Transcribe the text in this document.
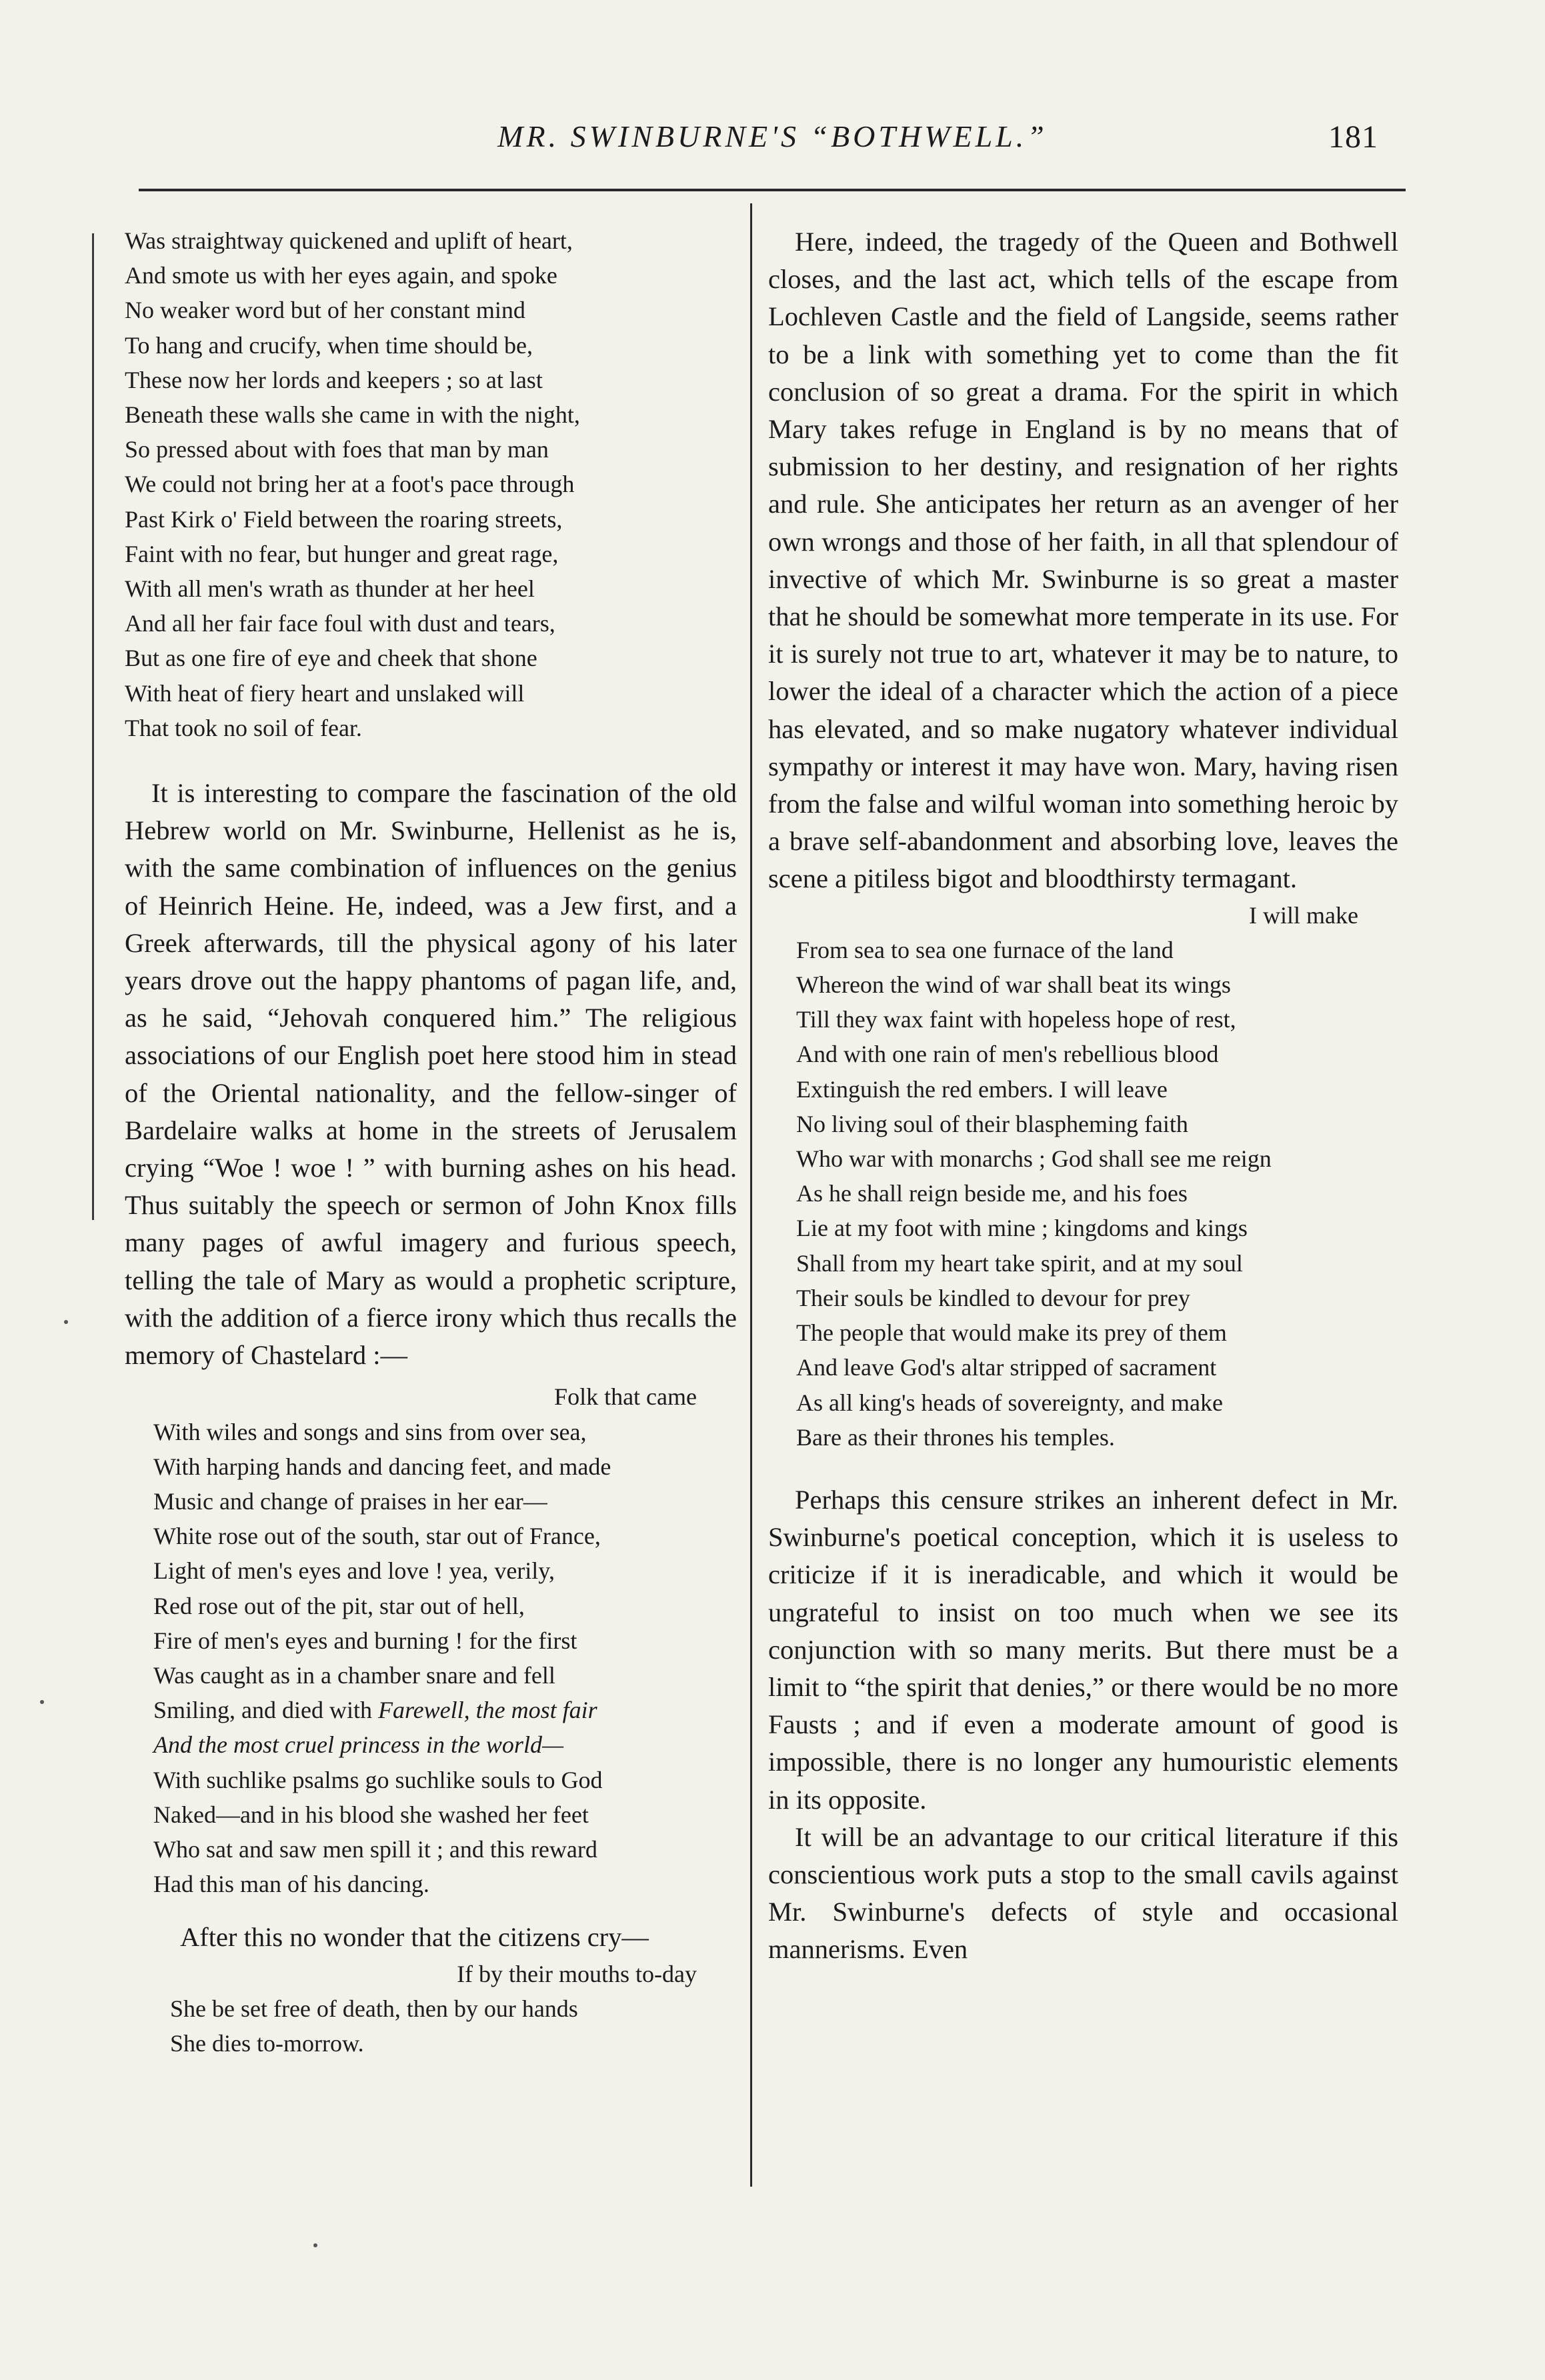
MR. SWINBURNE'S “BOTHWELL.”	181
Was straightway quickened and uplift of heart,
And smote us with her eyes again, and spoke
No weaker word but of her constant mind
To hang and crucify, when time should be,
These now her lords and keepers ; so at last
Beneath these walls she came in with the night,
So pressed about with foes that man by man
We could not bring her at a foot's pace through
Past Kirk o' Field between the roaring streets,
Faint with no fear, but hunger and great rage,
With all men's wrath as thunder at her heel
And all her fair face foul with dust and tears,
But as one fire of eye and cheek that shone
With heat of fiery heart and unslaked will
That took no soil of fear.

It is interesting to compare the fascination of the old Hebrew world on Mr. Swinburne, Hellenist as he is, with the same combination of influences on the genius of Heinrich Heine. He, indeed, was a Jew first, and a Greek afterwards, till the physical agony of his later years drove out the happy phantoms of pagan life, and, as he said, “Jehovah conquered him.” The religious associations of our English poet here stood him in stead of the Oriental nationality, and the fellow-singer of Bardelaire walks at home in the streets of Jerusalem crying “Woe ! woe ! ” with burning ashes on his head. Thus suitably the speech or sermon of John Knox fills many pages of awful imagery and furious speech, telling the tale of Mary as would a prophetic scripture, with the addition of a fierce irony which thus recalls the memory of Chastelard :—

Folk that came
With wiles and songs and sins from over sea,
With harping hands and dancing feet, and made
Music and change of praises in her ear—
White rose out of the south, star out of France,
Light of men's eyes and love ! yea, verily,
Red rose out of the pit, star out of hell,
Fire of men's eyes and burning ! for the first
Was caught as in a chamber snare and fell
Smiling, and died with Farewell, the most fair
And the most cruel princess in the world—
With suchlike psalms go suchlike souls to God
Naked—and in his blood she washed her feet
Who sat and saw men spill it ; and this reward
Had this man of his dancing.

After this no wonder that the citizens cry—

If by their mouths to-day
She be set free of death, then by our hands
She dies to-morrow.

Here, indeed, the tragedy of the Queen and Bothwell closes, and the last act, which tells of the escape from Lochleven Castle and the field of Langside, seems rather to be a link with something yet to come than the fit conclusion of so great a drama. For the spirit in which Mary takes refuge in England is by no means that of submission to her destiny, and resignation of her rights and rule. She anticipates her return as an avenger of her own wrongs and those of her faith, in all that splendour of invective of which Mr. Swinburne is so great a master that he should be somewhat more temperate in its use. For it is surely not true to art, whatever it may be to nature, to lower the ideal of a character which the action of a piece has elevated, and so make nugatory whatever individual sympathy or interest it may have won. Mary, having risen from the false and wilful woman into something heroic by a brave self-abandonment and absorbing love, leaves the scene a pitiless bigot and bloodthirsty termagant.

I will make
From sea to sea one furnace of the land
Whereon the wind of war shall beat its wings
Till they wax faint with hopeless hope of rest,
And with one rain of men's rebellious blood
Extinguish the red embers. I will leave
No living soul of their blaspheming faith
Who war with monarchs ; God shall see me reign
As he shall reign beside me, and his foes
Lie at my foot with mine ; kingdoms and kings
Shall from my heart take spirit, and at my soul
Their souls be kindled to devour for prey
The people that would make its prey of them
And leave God's altar stripped of sacrament
As all king's heads of sovereignty, and make
Bare as their thrones his temples.

Perhaps this censure strikes an inherent defect in Mr. Swinburne's poetical conception, which it is useless to criticize if it is ineradicable, and which it would be ungrateful to insist on too much when we see its conjunction with so many merits. But there must be a limit to “the spirit that denies,” or there would be no more Fausts ; and if even a moderate amount of good is impossible, there is no longer any humouristic elements in its opposite.

It will be an advantage to our critical literature if this conscientious work puts a stop to the small cavils against Mr. Swinburne's defects of style and occasional mannerisms. Even
